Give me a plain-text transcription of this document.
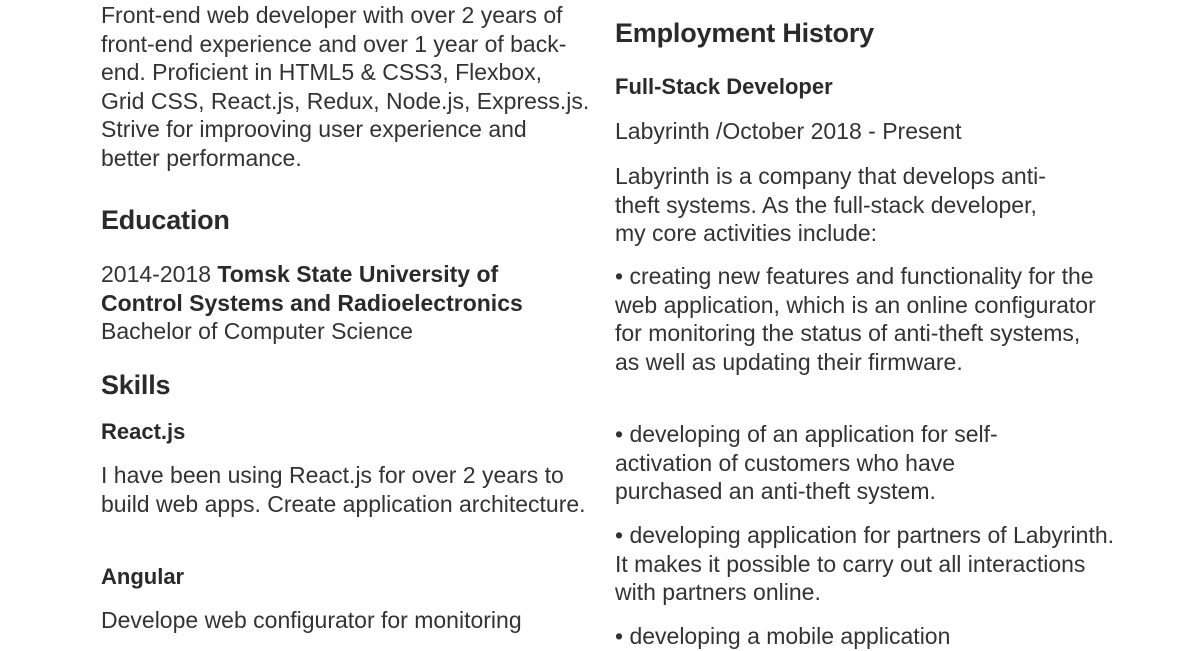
Front-end web developer with over 2 years of front-end experience and over 1 year of back-end. Proficient in HTML5 & CSS3, Flexbox, Grid CSS, React.js, Redux, Node.js, Express.js. Strive for improoving user experience and better performance.

Education

2014-2018 Tomsk State University of Control Systems and Radioelectronics
Bachelor of Computer Science

Skills
React.js

I have been using React.js for over 2 years to build web apps. Create application architecture.

Angular

Develope web configurator for monitoring

Employment History
Full-Stack Developer

Labyrinth /October 2018 - Present

Labyrinth is a company that develops anti-theft systems. As the full-stack developer, my core activities include:

• creating new features and functionality for the web application, which is an online configurator for monitoring the status of anti-theft systems, as well as updating their firmware.

• developing of an application for self-activation of customers who have purchased an anti-theft system.

• developing application for partners of Labyrinth. It makes it possible to carry out all interactions with partners online.

• developing a mobile application
